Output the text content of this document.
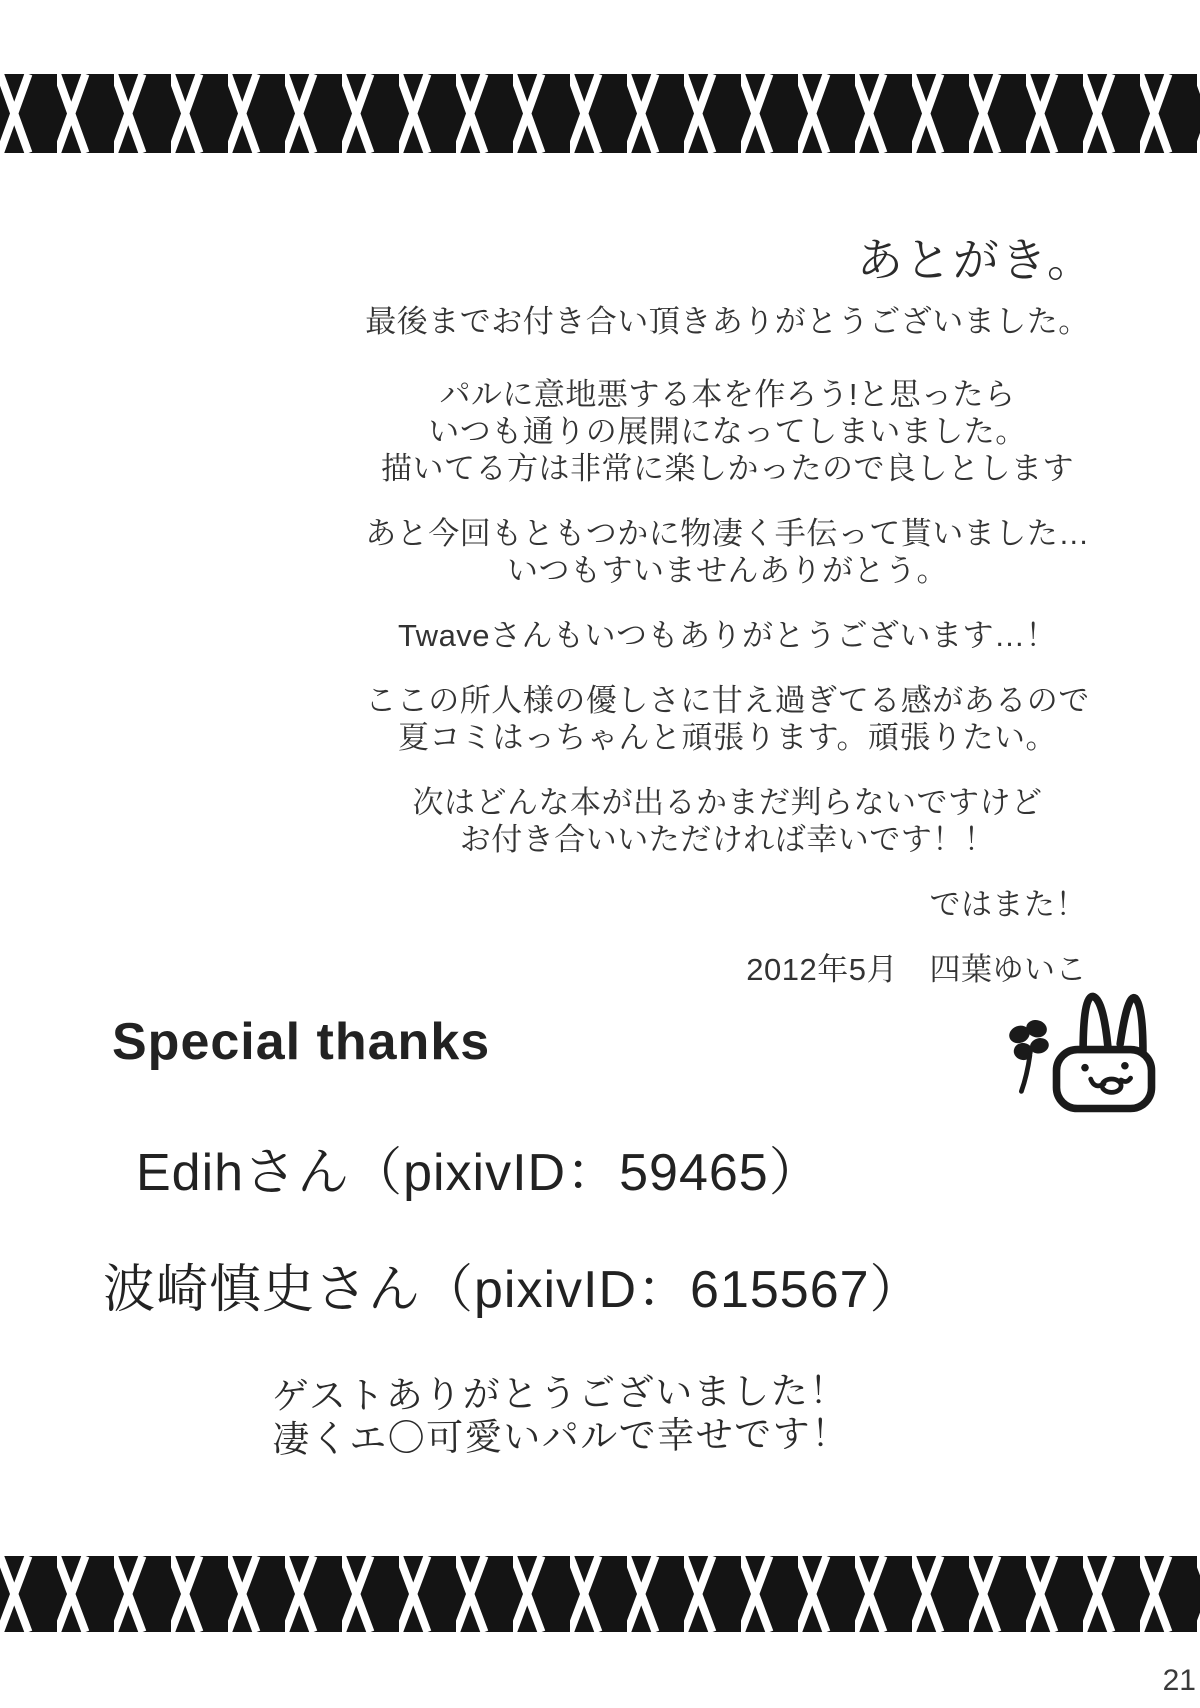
あとがき。
最後までお付き合い頂きありがとうございました。
パルに意地悪する本を作ろう!と思ったら
いつも通りの展開になってしまいました。
描いてる方は非常に楽しかったので良しとします
あと今回もともつかに物凄く手伝って貰いました…
いつもすいませんありがとう。
Twaveさんもいつもありがとうございます…！
ここの所人様の優しさに甘え過ぎてる感があるので
夏コミはっちゃんと頑張ります。頑張りたい。
次はどんな本が出るかまだ判らないですけど
お付き合いいただければ幸いです！！
ではまた！
2012年5月　四葉ゆいこ
Special thanks
Edihさん（pixivID：59465）
波崎慎史さん（pixivID：615567）
ゲストありがとうございました！
凄くエ〇可愛いパルで幸せです！
21
